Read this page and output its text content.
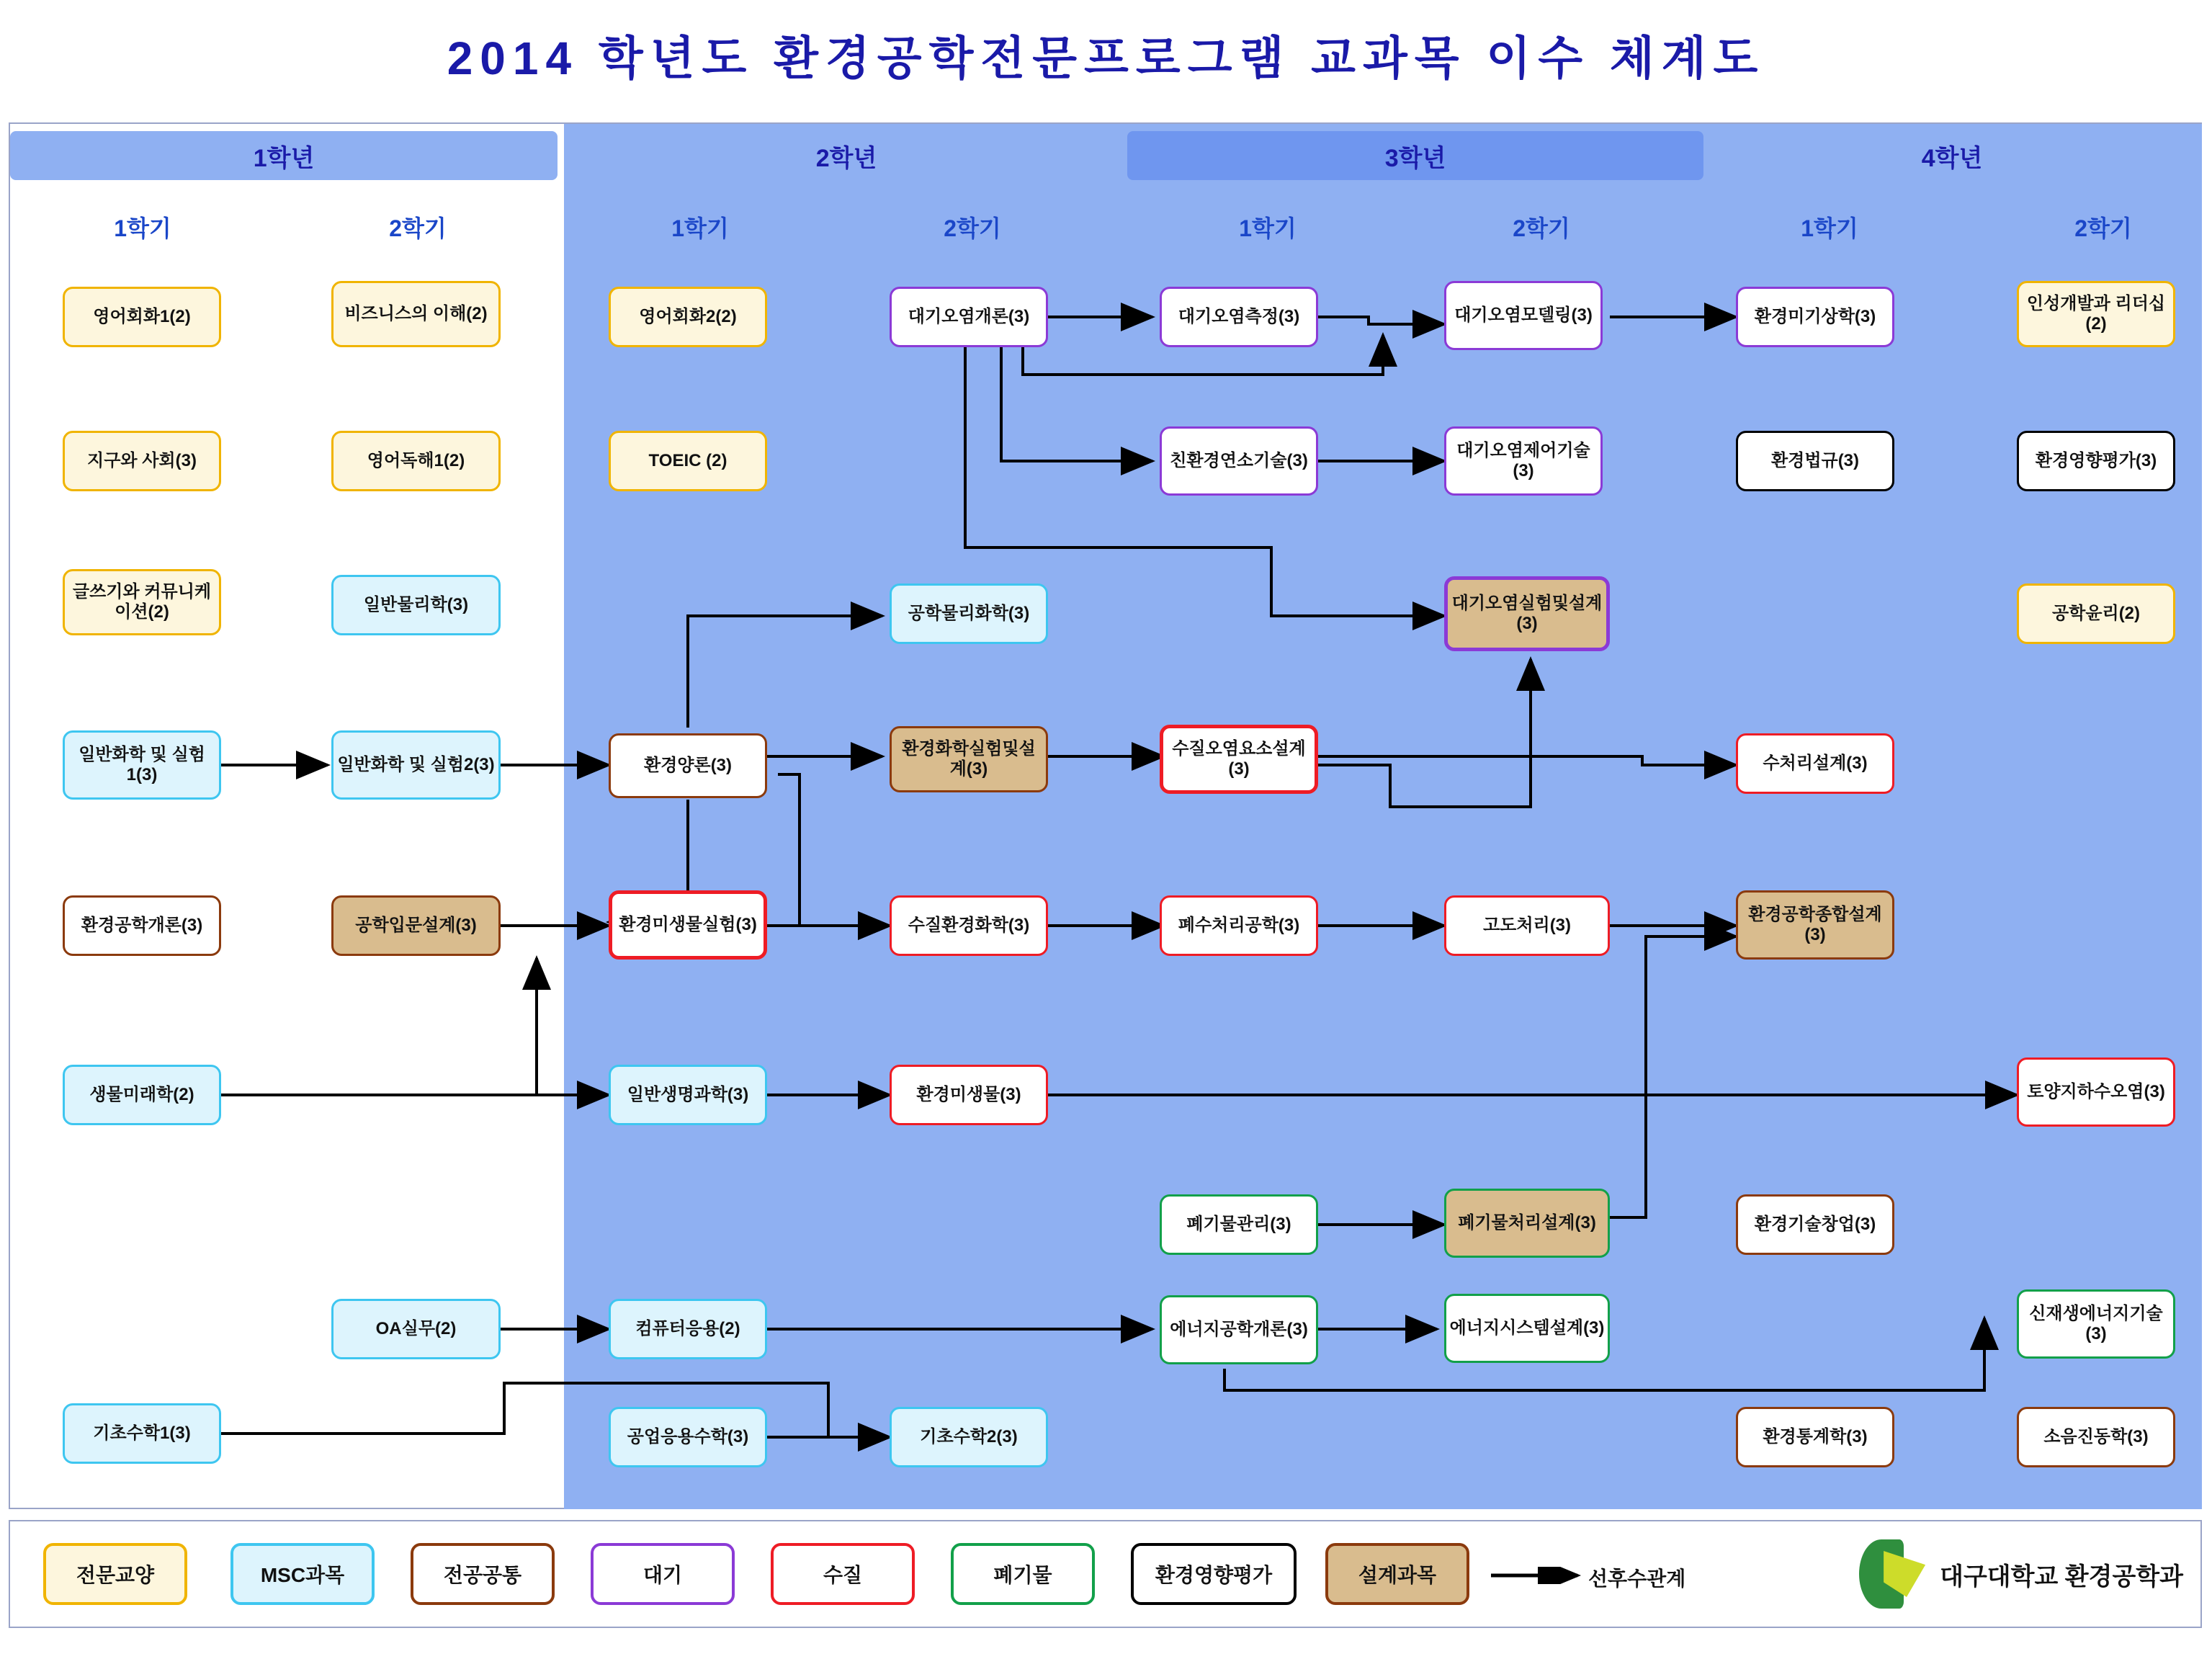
2014 학년도 환경공학전문프로그램 교과목 이수 체계도
1학년	2학년	3학년	4학년
1학기	2학기	1학기	2학기	1학기	2학기	1학기	2학기
영어회화1(2)
지구와 사회(3)
글쓰기와 커뮤니케이션(2)
일반화학 및 실험1(3)
환경공학개론(3)
생물미래학(2)
기초수학1(3)
비즈니스의 이해(2)
영어독해1(2)
일반물리학(3)
일반화학 및 실험2(3)
공학입문설계(3)
OA실무(2)
영어회화2(2)
TOEIC (2)
환경양론(3)
환경미생물실험(3)
일반생명과학(3)
컴퓨터응용(2)
공업응용수학(3)
대기오염개론(3)
공학물리화학(3)
환경화학실험및설계(3)
수질환경화학(3)
환경미생물(3)
기초수학2(3)
대기오염측정(3)
친환경연소기술(3)
수질오염요소설계(3)
폐수처리공학(3)
폐기물관리(3)
에너지공학개론(3)
대기오염모델링(3)
대기오염제어기술(3)
대기오염실험및설계(3)
고도처리(3)
폐기물처리설계(3)
에너지시스템설계(3)
환경미기상학(3)
환경법규(3)
수처리설계(3)
환경공학종합설계(3)
환경기술창업(3)
환경통계학(3)
인성개발과 리더십(2)
환경영향평가(3)
공학윤리(2)
토양지하수오염(3)
신재생에너지기술(3)
소음진동학(3)
전문교양	MSC과목	전공공통	대기	수질	폐기물	환경영향평가	설계과목	선후수관계	대구대학교 환경공학과
